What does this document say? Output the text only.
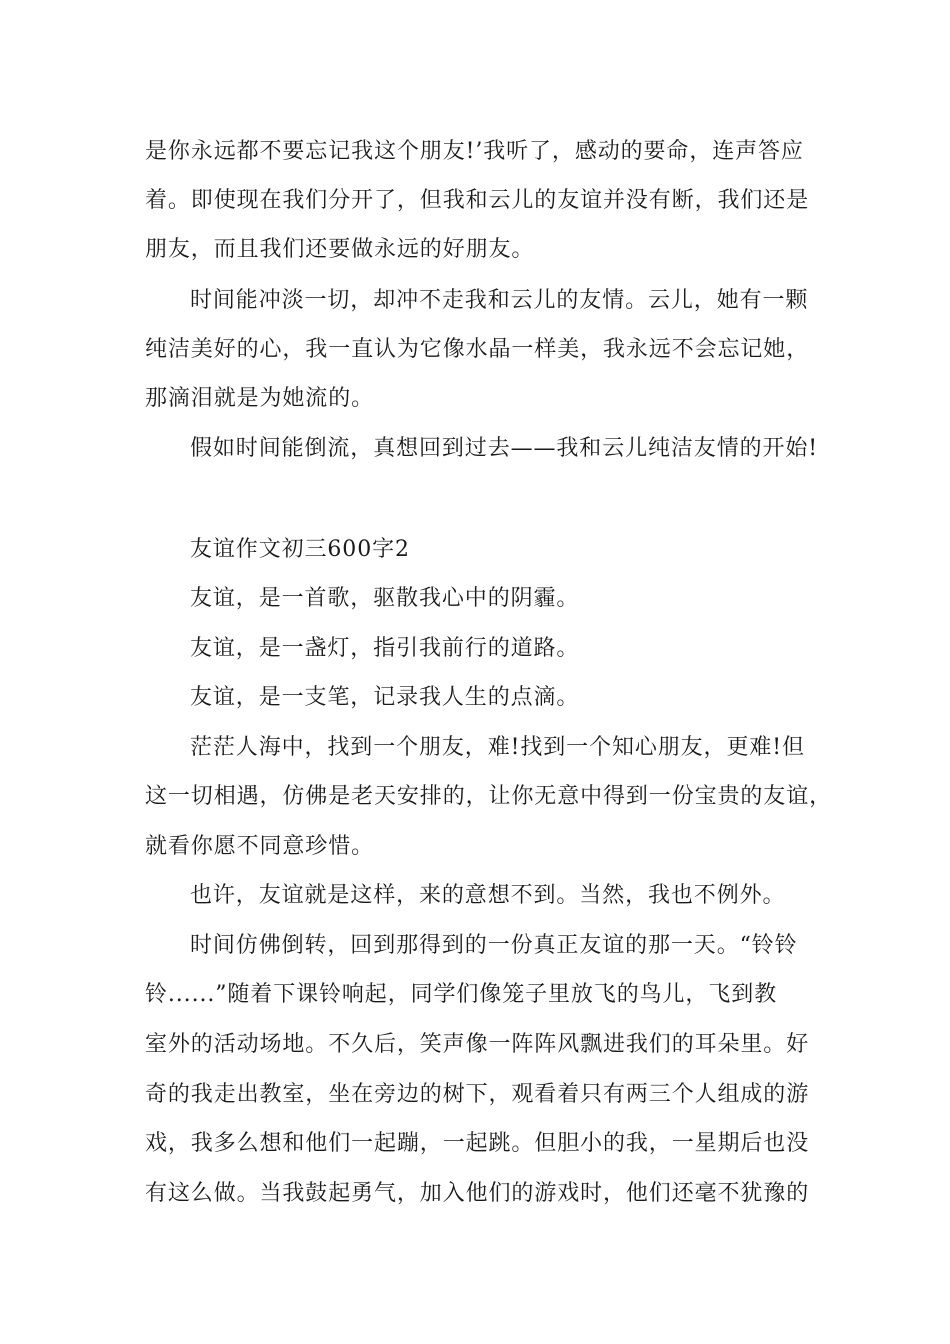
是你永远都不要忘记我这个朋友!’我听了，感动的要命，连声答应
着。即使现在我们分开了，但我和云儿的友谊并没有断，我们还是
朋友，而且我们还要做永远的好朋友。
时间能冲淡一切，却冲不走我和云儿的友情。云儿，她有一颗
纯洁美好的心，我一直认为它像水晶一样美，我永远不会忘记她，
那滴泪就是为她流的。
假如时间能倒流，真想回到过去——我和云儿纯洁友情的开始!
友谊作文初三600字2
友谊，是一首歌，驱散我心中的阴霾。
友谊，是一盏灯，指引我前行的道路。
友谊，是一支笔，记录我人生的点滴。
茫茫人海中，找到一个朋友，难!找到一个知心朋友，更难!但
这一切相遇，仿佛是老天安排的，让你无意中得到一份宝贵的友谊，
就看你愿不同意珍惜。
也许，友谊就是这样，来的意想不到。当然，我也不例外。
时间仿佛倒转，回到那得到的一份真正友谊的那一天。“铃铃
铃......”随着下课铃响起，同学们像笼子里放飞的鸟儿，飞到教
室外的活动场地。不久后，笑声像一阵阵风飘进我们的耳朵里。好
奇的我走出教室，坐在旁边的树下，观看着只有两三个人组成的游
戏，我多么想和他们一起蹦，一起跳。但胆小的我，一星期后也没
有这么做。当我鼓起勇气，加入他们的游戏时，他们还毫不犹豫的
